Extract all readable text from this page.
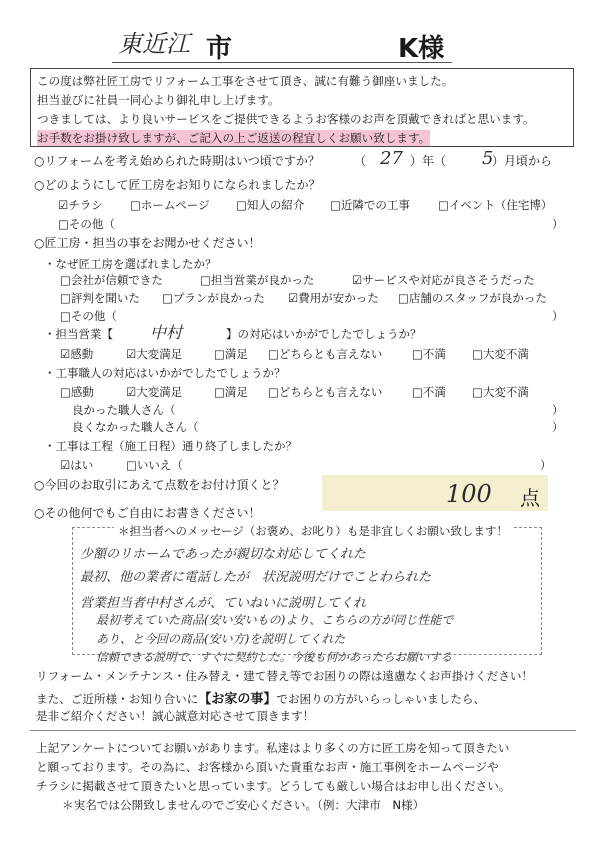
東近江 市	K様
この度は弊社匠工房でリフォーム工事をさせて頂き、誠に有難う御座いました。
担当並びに社員一同心より御礼申し上げます。
つきましては、より良いサービスをご提供できるようお客様のお声を頂戴できればと思います。
お手数をお掛け致しますが、ご記入の上ご返送の程宜しくお願い致します。
○リフォームを考え始められた時期はいつ頃ですか？	（ 27 ）年（ 5
）月頃から
○どのようにして匠工房をお知りになられましたか？
☑チラシ □ホームページ □知人の紹介 □近隣での工事 □イベント（住宅博）
□その他（	）
○匠工房・担当の事をお聞かせください！
・なぜ匠工房を選ばれましたか？
□会社が信頼できた	□担当営業が良かった	☑サービスや対応が良さそうだった
□評判を聞いた □プランが良かった ☑費用が安かった □店舗のスタッフが良かった
□その他（	）
・担当営業【 中村	】の対応はいかがでしたでしょうか？
☑感動	☑大変満足	□満足 □どちらとも言えない	□不満 □大変不満
・工事職人の対応はいかがでしたでしょうか？
□感動	☑大変満足	□満足 □どちらとも言えない	□不満 □大変不満
良かった職人さん（	）
良くなかった職人さん（	）
・工事は工程（施工日程）通り終了しましたか？
☑はい	□いいえ（	）
○今回のお取引にあえて点数をお付け頂くと？	100 点
○その他何でもご自由にお書きください！
＊担当者へのメッセージ（お褒め、お叱り）も是非宜しくお願い致します！
少額のリホームであったが親切な対応してくれた
最初、他の業者に電話したが　状況説明だけでことわられた
営業担当者中村さんが、ていねいに説明してくれ
最初考えていた商品(安い安いもの)より、こちらの方が同じ性能で
あり、と今回の商品(安い方)を説明してくれた
信頼できる説明で、すぐに契約した。今後も何かあったらお願いする
リフォーム・メンテナンス・住み替え・建て替え等でお困りの際は遠慮なくお声掛けください！
また、ご近所様・お知り合いに【お家の事】でお困りの方がいらっしゃいましたら、
是非ご紹介ください！誠心誠意対応させて頂きます！
上記アンケートについてお願いがあります。私達はより多くの方に匠工房を知って頂きたい
と願っております。その為に、お客様から頂いた貴重なお声・施工事例をホームページや
チラシに掲載させて頂きたいと思っています。どうしても厳しい場合はお申し出ください。
＊実名では公開致しませんのでご安心ください。（例：大津市　N様）
